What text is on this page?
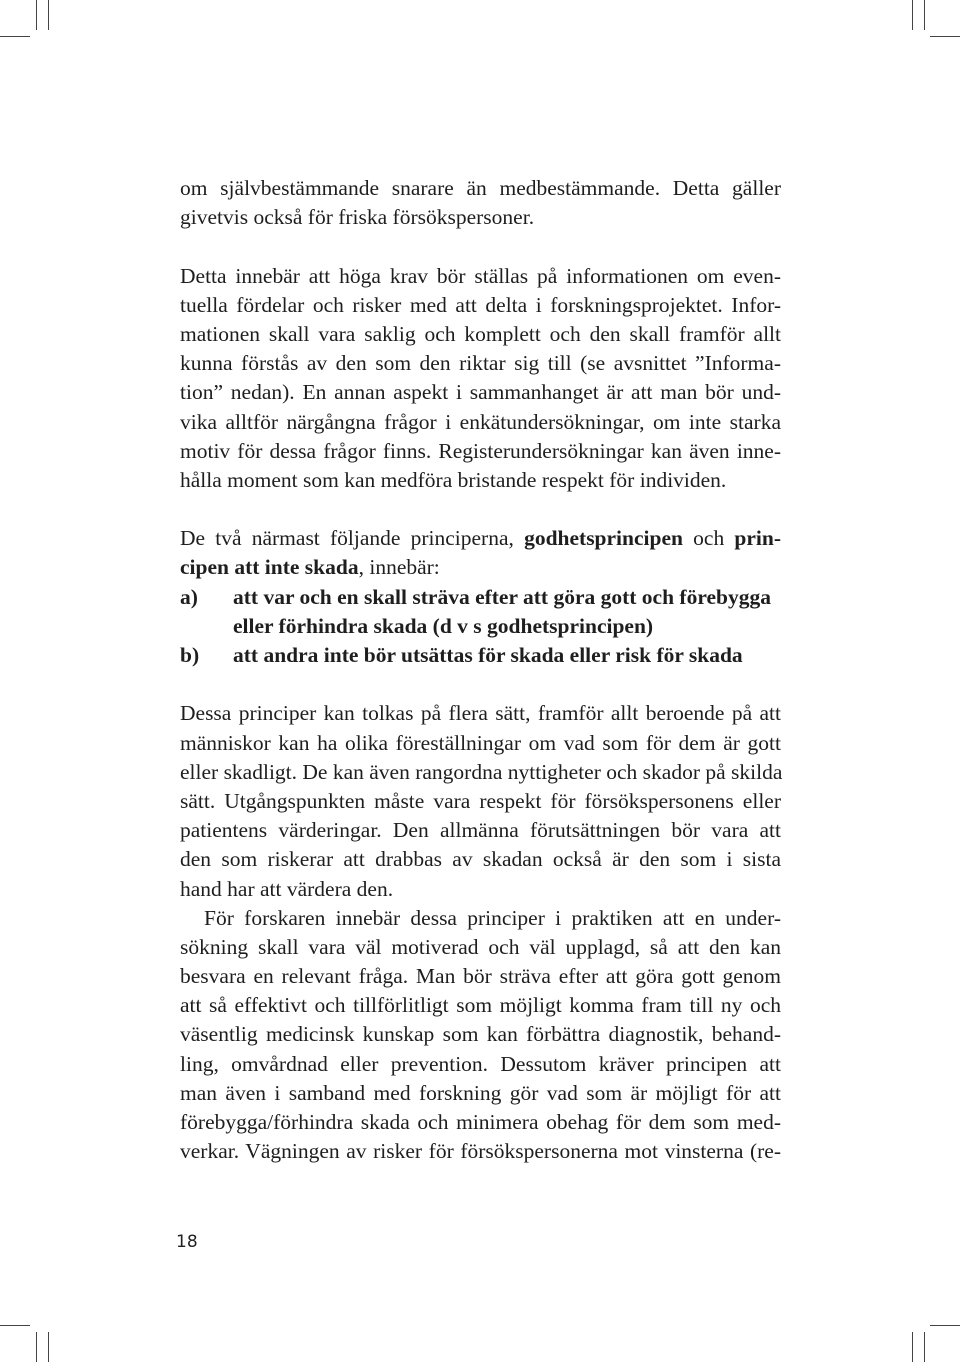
om självbestämmande snarare än medbestämmande. Detta gäller
givetvis också för friska försökspersoner.
Detta innebär att höga krav bör ställas på informationen om even-
tuella fördelar och risker med att delta i forskningsprojektet. Infor-
mationen skall vara saklig och komplett och den skall framför allt
kunna förstås av den som den riktar sig till (se avsnittet ”Informa-
tion” nedan). En annan aspekt i sammanhanget är att man bör und-
vika alltför närgångna frågor i enkätundersökningar, om inte starka
motiv för dessa frågor finns. Registerundersökningar kan även inne-
hålla moment som kan medföra bristande respekt för individen.
De två närmast följande principerna, godhetsprincipen och prin-
cipen att inte skada, innebär:
a) att var och en skall sträva efter att göra gott och förebygga
eller förhindra skada (d v s godhetsprincipen)
b) att andra inte bör utsättas för skada eller risk för skada
Dessa principer kan tolkas på flera sätt, framför allt beroende på att
människor kan ha olika föreställningar om vad som för dem är gott
eller skadligt. De kan även rangordna nyttigheter och skador på skilda
sätt. Utgångspunkten måste vara respekt för försökspersonens eller
patientens värderingar. Den allmänna förutsättningen bör vara att
den som riskerar att drabbas av skadan också är den som i sista
hand har att värdera den.
För forskaren innebär dessa principer i praktiken att en under-
sökning skall vara väl motiverad och väl upplagd, så att den kan
besvara en relevant fråga. Man bör sträva efter att göra gott genom
att så effektivt och tillförlitligt som möjligt komma fram till ny och
väsentlig medicinsk kunskap som kan förbättra diagnostik, behand-
ling, omvårdnad eller prevention. Dessutom kräver principen att
man även i samband med forskning gör vad som är möjligt för att
förebygga/förhindra skada och minimera obehag för dem som med-
verkar. Vägningen av risker för försökspersonerna mot vinsterna (re-
18
